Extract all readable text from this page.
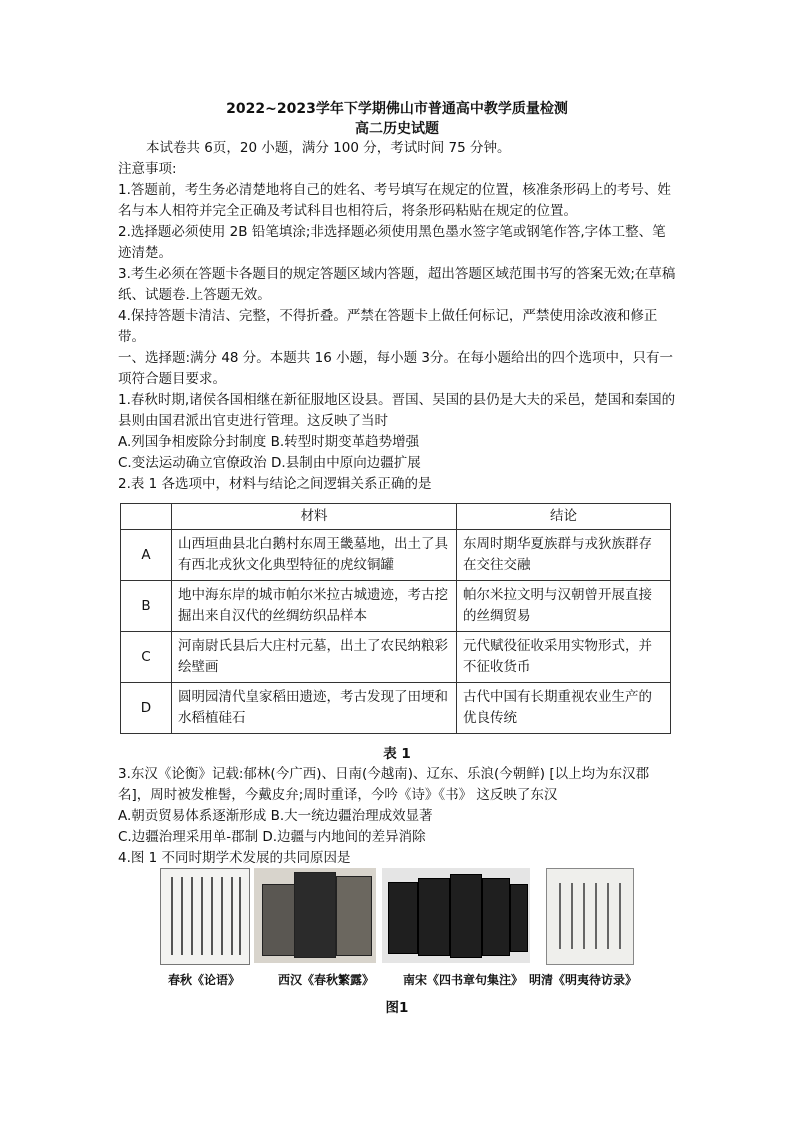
2022~2023学年下学期佛山市普通高中教学质量检测
高二历史试题

本试卷共 6页，20 小题，满分 100 分，考试时间 75 分钟。

注意事项:

1.答题前，考生务必清楚地将自己的姓名、考号填写在规定的位置，核准条形码上的考号、姓名与本人相符并完全正确及考试科目也相符后，将条形码粘贴在规定的位置。

2.选择题必须使用 2B 铅笔填涂;非选择题必须使用黑色墨水签字笔或钢笔作答,字体工整、笔迹清楚。

3.考生必须在答题卡各题目的规定答题区域内答题，超出答题区域范围书写的答案无效;在草稿纸、试题卷.上答题无效。

4.保持答题卡清洁、完整，不得折叠。严禁在答题卡上做任何标记，严禁使用涂改液和修正带。

一、选择题:满分 48 分。本题共 16 小题，每小题 3分。在每小题给出的四个选项中，只有一项符合题目要求。

1.春秋时期,诸侯各国相继在新征服地区设县。晋国、吴国的县仍是大夫的采邑，楚国和秦国的县则由国君派出官吏进行管理。这反映了当时

A.列国争相废除分封制度 B.转型时期变革趋势增强

C.变法运动确立官僚政治 D.县制由中原向边疆扩展

2.表 1 各选项中，材料与结论之间逻辑关系正确的是

	材料	结论
A	山西垣曲县北白鹅村东周王畿墓地，出土了具有西北戎狄文化典型特征的虎纹铜罐	东周时期华夏族群与戎狄族群存在交往交融
B	地中海东岸的城市帕尔米拉古城遗迹，考古挖掘出来自汉代的丝绸纺织品样本	帕尔米拉文明与汉朝曾开展直接的丝绸贸易
C	河南尉氏县后大庄村元墓，出土了农民纳粮彩绘壁画	元代赋役征收采用实物形式，并不征收货币
D	圆明园清代皇家稻田遗迹，考古发现了田埂和水稻植硅石	古代中国有长期重视农业生产的优良传统
表 1

3.东汉《论衡》记载:郁林(今广西)、日南(今越南)、辽东、乐浪(今朝鲜) [以上均为东汉郡名]，周时被发椎髻，今戴皮弁;周时重译，今吟《诗》《书》 这反映了东汉

A.朝贡贸易体系逐渐形成 B.大一统边疆治理成效显著

C.边疆治理采用单-郡制 D.边疆与内地间的差异消除

4.图 1 不同时期学术发展的共同原因是

春秋《论语》	西汉《春秋繁露》 南宋《四书章句集注》 明清《明夷待访录》
图1
